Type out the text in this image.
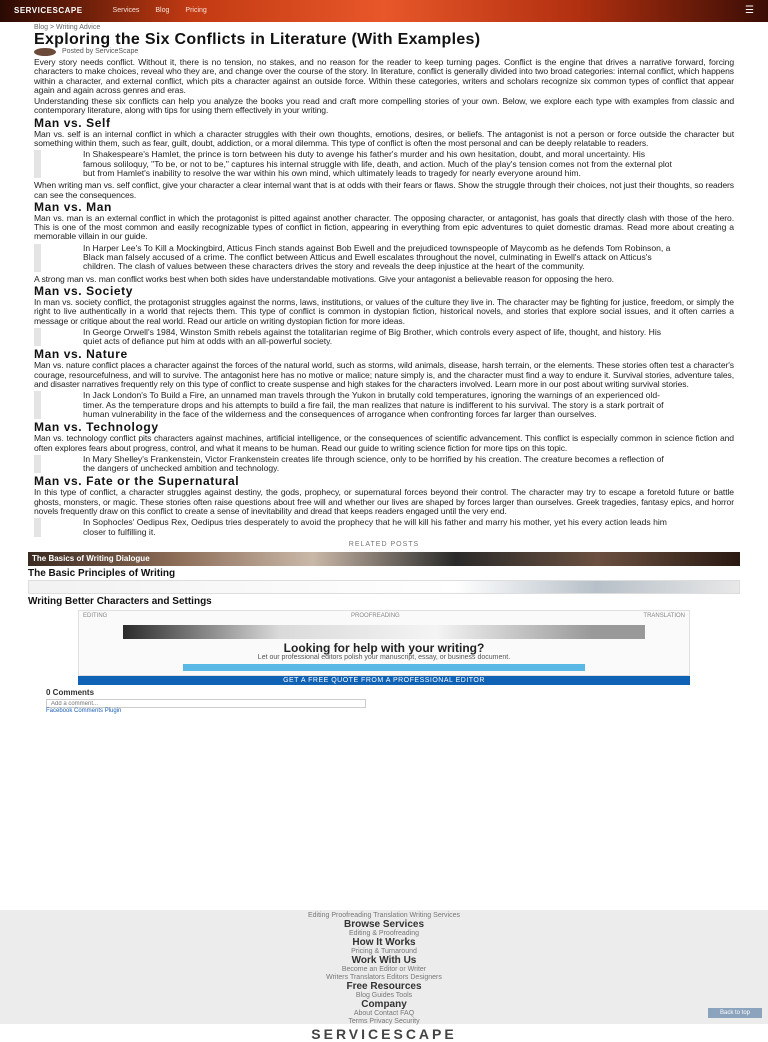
SERVICESCAPE	Services Blog Pricing	☰
Blog > Writing Advice
Exploring the Six Conflicts in Literature (With Examples)
Posted by ServiceScape

Every story needs conflict. Without it, there is no tension, no stakes, and no reason for the reader to keep turning pages. Conflict is the engine that drives a narrative forward, forcing characters to make choices, reveal who they are, and change over the course of the story. In literature, conflict is generally divided into two broad categories: internal conflict, which happens within a character, and external conflict, which pits a character against an outside force. Within these categories, writers and scholars recognize six common types of conflict that appear again and again across genres and eras.

Understanding these six conflicts can help you analyze the books you read and craft more compelling stories of your own. Below, we explore each type with examples from classic and contemporary literature, along with tips for using them effectively in your writing.

Man vs. Self

Man vs. self is an internal conflict in which a character struggles with their own thoughts, emotions, desires, or beliefs. The antagonist is not a person or force outside the character but something within them, such as fear, guilt, doubt, addiction, or a moral dilemma. This type of conflict is often the most personal and can be deeply relatable to readers.

In Shakespeare's Hamlet, the prince is torn between his duty to avenge his father's murder and his own hesitation, doubt, and moral uncertainty. His famous soliloquy, "To be, or not to be," captures his internal struggle with life, death, and action. Much of the play's tension comes not from the external plot but from Hamlet's inability to resolve the war within his own mind, which ultimately leads to tragedy for nearly everyone around him.

When writing man vs. self conflict, give your character a clear internal want that is at odds with their fears or flaws. Show the struggle through their choices, not just their thoughts, so readers can see the consequences.

Man vs. Man

Man vs. man is an external conflict in which the protagonist is pitted against another character. The opposing character, or antagonist, has goals that directly clash with those of the hero. This is one of the most common and easily recognizable types of conflict in fiction, appearing in everything from epic adventures to quiet domestic dramas. Read more about creating a memorable villain in our guide.

In Harper Lee's To Kill a Mockingbird, Atticus Finch stands against Bob Ewell and the prejudiced townspeople of Maycomb as he defends Tom Robinson, a Black man falsely accused of a crime. The conflict between Atticus and Ewell escalates throughout the novel, culminating in Ewell's attack on Atticus's children. The clash of values between these characters drives the story and reveals the deep injustice at the heart of the community.

A strong man vs. man conflict works best when both sides have understandable motivations. Give your antagonist a believable reason for opposing the hero.

Man vs. Society

In man vs. society conflict, the protagonist struggles against the norms, laws, institutions, or values of the culture they live in. The character may be fighting for justice, freedom, or simply the right to live authentically in a world that rejects them. This type of conflict is common in dystopian fiction, historical novels, and stories that explore social issues, and it often carries a message or critique about the real world. Read our article on writing dystopian fiction for more ideas.

In George Orwell's 1984, Winston Smith rebels against the totalitarian regime of Big Brother, which controls every aspect of life, thought, and history. His quiet acts of defiance put him at odds with an all-powerful society.
Man vs. Nature

Man vs. nature conflict places a character against the forces of the natural world, such as storms, wild animals, disease, harsh terrain, or the elements. These stories often test a character's courage, resourcefulness, and will to survive. The antagonist here has no motive or malice; nature simply is, and the character must find a way to endure it. Survival stories, adventure tales, and disaster narratives frequently rely on this type of conflict to create suspense and high stakes for the characters involved. Learn more in our post about writing survival stories.

In Jack London's To Build a Fire, an unnamed man travels through the Yukon in brutally cold temperatures, ignoring the warnings of an experienced old-timer. As the temperature drops and his attempts to build a fire fail, the man realizes that nature is indifferent to his survival. The story is a stark portrait of human vulnerability in the face of the wilderness and the consequences of arrogance when confronting forces far larger than ourselves.
Man vs. Technology

Man vs. technology conflict pits characters against machines, artificial intelligence, or the consequences of scientific advancement. This conflict is especially common in science fiction and often explores fears about progress, control, and what it means to be human. Read our guide to writing science fiction for more tips on this topic.

In Mary Shelley's Frankenstein, Victor Frankenstein creates life through science, only to be horrified by his creation. The creature becomes a reflection of the dangers of unchecked ambition and technology.
Man vs. Fate or the Supernatural

In this type of conflict, a character struggles against destiny, the gods, prophecy, or supernatural forces beyond their control. The character may try to escape a foretold future or battle ghosts, monsters, or magic. These stories often raise questions about free will and whether our lives are shaped by forces larger than ourselves. Greek tragedies, fantasy epics, and horror novels frequently draw on this conflict to create a sense of inevitability and dread that keeps readers engaged until the very end.

In Sophocles' Oedipus Rex, Oedipus tries desperately to avoid the prophecy that he will kill his father and marry his mother, yet his every action leads him closer to fulfilling it.
RELATED POSTS
The Basics of Writing Dialogue
The Basic Principles of Writing
Writing Better Characters and Settings
EDITING	PROOFREADING	TRANSLATION
Looking for help with your writing?
Let our professional editors polish your manuscript, essay, or business document.
GET A FREE QUOTE FROM A PROFESSIONAL EDITOR
0 Comments
Add a comment...
Facebook Comments Plugin
Editing Proofreading Translation Writing Services
Browse Services
Editing & Proofreading
How It Works
Pricing & Turnaround
Work With Us
Become an Editor or Writer
Writers Translators Editors Designers
Free Resources
Blog Guides Tools
Company
About Contact FAQ
Terms Privacy Security
SERVICESCAPE
Back to top
